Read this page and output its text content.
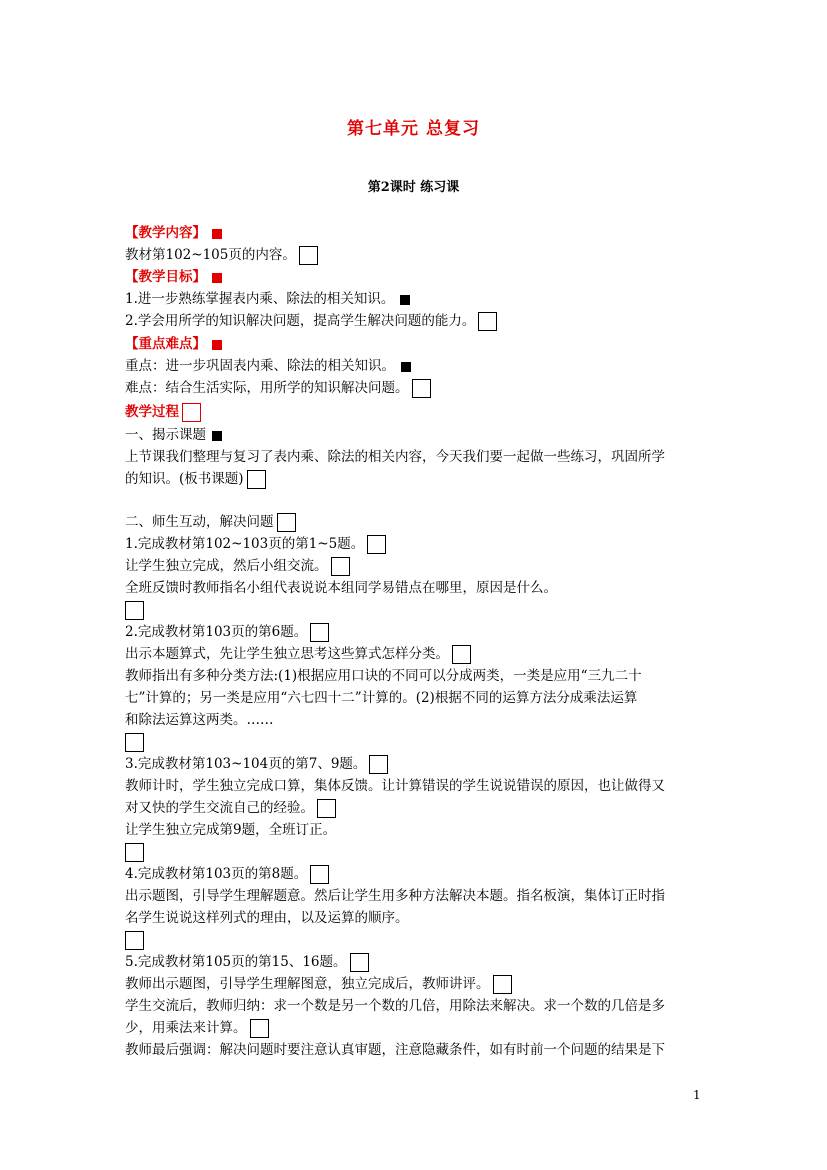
第七单元 总复习
第2课时 练习课
【教学内容】
教材第102~105页的内容。
【教学目标】
1.进一步熟练掌握表内乘、除法的相关知识。
2.学会用所学的知识解决问题，提高学生解决问题的能力。
【重点难点】
重点：进一步巩固表内乘、除法的相关知识。
难点：结合生活实际，用所学的知识解决问题。
教学过程
一、揭示课题
上节课我们整理与复习了表内乘、除法的相关内容，今天我们要一起做一些练习，巩固所学
的知识。(板书课题)
二、师生互动，解决问题
1.完成教材第102~103页的第1~5题。
让学生独立完成，然后小组交流。
全班反馈时教师指名小组代表说说本组同学易错点在哪里，原因是什么。
2.完成教材第103页的第6题。
出示本题算式，先让学生独立思考这些算式怎样分类。
教师指出有多种分类方法:(1)根据应用口诀的不同可以分成两类，一类是应用“三九二十
七”计算的；另一类是应用“六七四十二”计算的。(2)根据不同的运算方法分成乘法运算
和除法运算这两类。……
3.完成教材第103~104页的第7、9题。
教师计时，学生独立完成口算，集体反馈。让计算错误的学生说说错误的原因，也让做得又
对又快的学生交流自己的经验。
让学生独立完成第9题，全班订正。
4.完成教材第103页的第8题。
出示题图，引导学生理解题意。然后让学生用多种方法解决本题。指名板演，集体订正时指
名学生说说这样列式的理由，以及运算的顺序。
5.完成教材第105页的第15、16题。
教师出示题图，引导学生理解图意，独立完成后，教师讲评。
学生交流后，教师归纳：求一个数是另一个数的几倍，用除法来解决。求一个数的几倍是多
少，用乘法来计算。
教师最后强调：解决问题时要注意认真审题，注意隐藏条件，如有时前一个问题的结果是下
1
